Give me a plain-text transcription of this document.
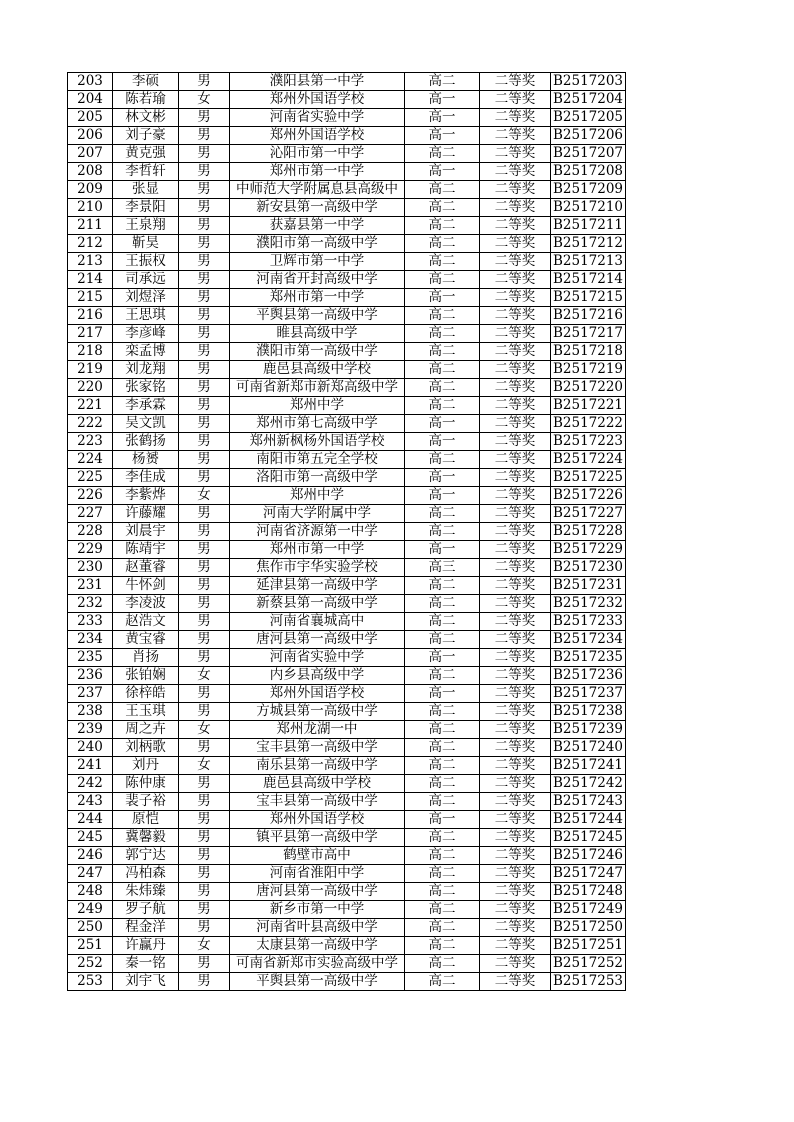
203	李硕	男	濮阳县第一中学	高二	二等奖	B2517203
204	陈若瑜	女	郑州外国语学校	高一	二等奖	B2517204
205	林文彬	男	河南省实验中学	高一	二等奖	B2517205
206	刘子豪	男	郑州外国语学校	高一	二等奖	B2517206
207	黄克强	男	沁阳市第一中学	高二	二等奖	B2517207
208	李哲轩	男	郑州市第一中学	高一	二等奖	B2517208
209	张显	男	中师范大学附属息县高级中	高二	二等奖	B2517209
210	李景阳	男	新安县第一高级中学	高二	二等奖	B2517210
211	王泉翔	男	获嘉县第一中学	高二	二等奖	B2517211
212	靳昊	男	濮阳市第一高级中学	高二	二等奖	B2517212
213	王振权	男	卫辉市第一中学	高二	二等奖	B2517213
214	司承远	男	河南省开封高级中学	高二	二等奖	B2517214
215	刘煜泽	男	郑州市第一中学	高一	二等奖	B2517215
216	王思琪	男	平舆县第一高级中学	高二	二等奖	B2517216
217	李彦峰	男	睢县高级中学	高二	二等奖	B2517217
218	栾孟博	男	濮阳市第一高级中学	高二	二等奖	B2517218
219	刘龙翔	男	鹿邑县高级中学校	高二	二等奖	B2517219
220	张家铭	男	可南省新郑市新郑高级中学	高二	二等奖	B2517220
221	李承霖	男	郑州中学	高二	二等奖	B2517221
222	吴文凯	男	郑州市第七高级中学	高一	二等奖	B2517222
223	张鹤扬	男	郑州新枫杨外国语学校	高一	二等奖	B2517223
224	杨赟	男	南阳市第五完全学校	高二	二等奖	B2517224
225	李佳成	男	洛阳市第一高级中学	高一	二等奖	B2517225
226	李紫烨	女	郑州中学	高一	二等奖	B2517226
227	许藤耀	男	河南大学附属中学	高二	二等奖	B2517227
228	刘晨宇	男	河南省济源第一中学	高二	二等奖	B2517228
229	陈靖宇	男	郑州市第一中学	高一	二等奖	B2517229
230	赵董睿	男	焦作市宇华实验学校	高三	二等奖	B2517230
231	牛怀剑	男	延津县第一高级中学	高二	二等奖	B2517231
232	李凌波	男	新蔡县第一高级中学	高二	二等奖	B2517232
233	赵浩文	男	河南省襄城高中	高二	二等奖	B2517233
234	黄宝睿	男	唐河县第一高级中学	高二	二等奖	B2517234
235	肖扬	男	河南省实验中学	高一	二等奖	B2517235
236	张铂娴	女	内乡县高级中学	高二	二等奖	B2517236
237	徐梓皓	男	郑州外国语学校	高一	二等奖	B2517237
238	王玉琪	男	方城县第一高级中学	高二	二等奖	B2517238
239	周之卉	女	郑州龙湖一中	高二	二等奖	B2517239
240	刘柄歌	男	宝丰县第一高级中学	高二	二等奖	B2517240
241	刘丹	女	南乐县第一高级中学	高二	二等奖	B2517241
242	陈仲康	男	鹿邑县高级中学校	高二	二等奖	B2517242
243	裴子裕	男	宝丰县第一高级中学	高二	二等奖	B2517243
244	原恺	男	郑州外国语学校	高一	二等奖	B2517244
245	冀馨毅	男	镇平县第一高级中学	高二	二等奖	B2517245
246	郭宁达	男	鹤壁市高中	高二	二等奖	B2517246
247	冯柏森	男	河南省淮阳中学	高二	二等奖	B2517247
248	朱炜臻	男	唐河县第一高级中学	高二	二等奖	B2517248
249	罗子航	男	新乡市第一中学	高二	二等奖	B2517249
250	程金洋	男	河南省叶县高级中学	高二	二等奖	B2517250
251	许赢丹	女	太康县第一高级中学	高二	二等奖	B2517251
252	秦一铭	男	可南省新郑市实验高级中学	高二	二等奖	B2517252
253	刘宇飞	男	平舆县第一高级中学	高二	二等奖	B2517253
